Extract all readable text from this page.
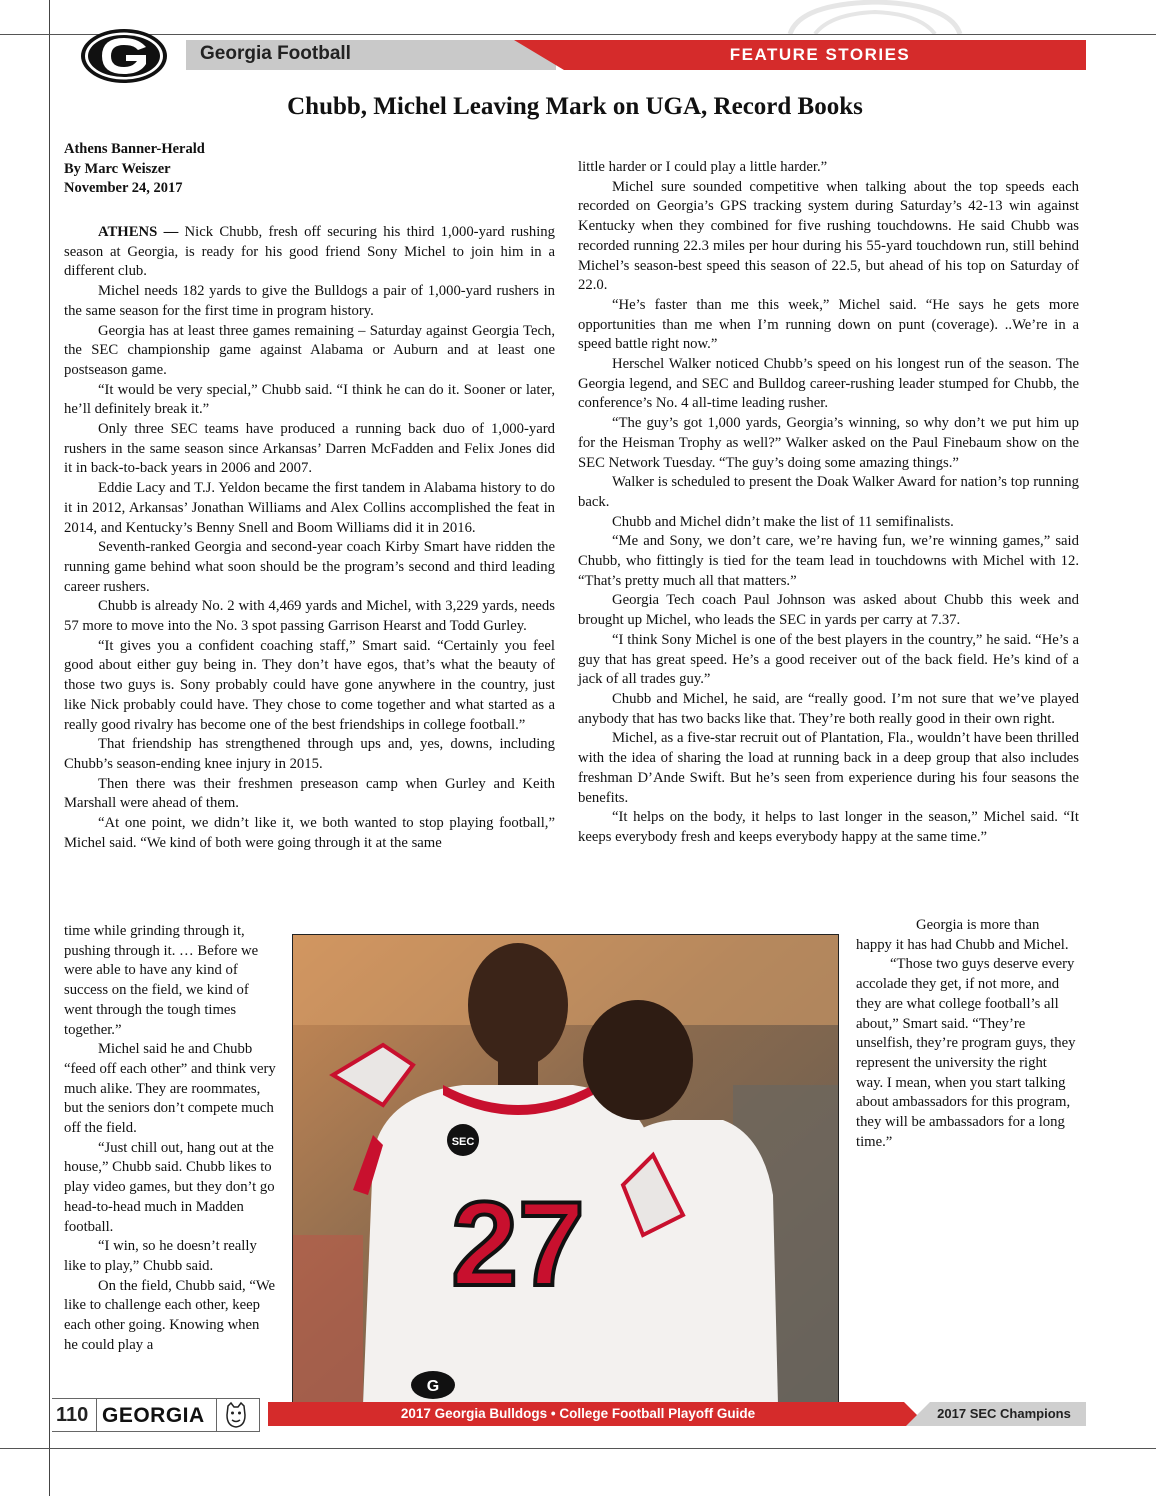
Georgia Football	FEATURE STORIES
Chubb, Michel Leaving Mark on UGA, Record Books
Athens Banner-Herald
By Marc Weiszer
November 24, 2017

ATHENS — Nick Chubb, fresh off securing his third 1,000-yard rushing season at Georgia, is ready for his good friend Sony Michel to join him in a different club.

Michel needs 182 yards to give the Bulldogs a pair of 1,000-yard rushers in the same season for the first time in program history.

Georgia has at least three games remaining – Saturday against Georgia Tech, the SEC championship game against Alabama or Auburn and at least one postseason game.

“It would be very special,” Chubb said. “I think he can do it. Sooner or later, he’ll definitely break it.”

Only three SEC teams have produced a running back duo of 1,000-yard rushers in the same season since Arkansas’ Darren McFadden and Felix Jones did it in back-to-back years in 2006 and 2007.

Eddie Lacy and T.J. Yeldon became the first tandem in Alabama history to do it in 2012, Arkansas’ Jonathan Williams and Alex Collins accomplished the feat in 2014, and Kentucky’s Benny Snell and Boom Williams did it in 2016.

Seventh-ranked Georgia and second-year coach Kirby Smart have ridden the running game behind what soon should be the program’s second and third leading career rushers.

Chubb is already No. 2 with 4,469 yards and Michel, with 3,229 yards, needs 57 more to move into the No. 3 spot passing Garrison Hearst and Todd Gurley.

“It gives you a confident coaching staff,” Smart said. “Certainly you feel good about either guy being in. They don’t have egos, that’s what the beauty of those two guys is. Sony probably could have gone anywhere in the country, just like Nick probably could have. They chose to come together and what started as a really good rivalry has become one of the best friendships in college football.”

That friendship has strengthened through ups and, yes, downs, including Chubb’s season-ending knee injury in 2015.

Then there was their freshmen preseason camp when Gurley and Keith Marshall were ahead of them.

“At one point, we didn’t like it, we both wanted to stop playing football,” Michel said. “We kind of both were going through it at the same

time while grinding through it, pushing through it. … Before we were able to have any kind of success on the field, we kind of went through the tough times together.”

Michel said he and Chubb “feed off each other” and think very much alike. They are roommates, but the seniors don’t compete much off the field.

“Just chill out, hang out at the house,” Chubb said. Chubb likes to play video games, but they don’t go head-to-head much in Madden football.

“I win, so he doesn’t really like to play,” Chubb said.

On the field, Chubb said, “We like to challenge each other, keep each other going. Knowing when he could play a

little harder or I could play a little harder.”

Michel sure sounded competitive when talking about the top speeds each recorded on Georgia’s GPS tracking system during Saturday’s 42-13 win against Kentucky when they combined for five rushing touchdowns. He said Chubb was recorded running 22.3 miles per hour during his 55-yard touchdown run, still behind Michel’s season-best speed this season of 22.5, but ahead of his top on Saturday of 22.0.

“He’s faster than me this week,” Michel said. “He says he gets more opportunities than me when I’m running down on punt (coverage). ..We’re in a speed battle right now.”

Herschel Walker noticed Chubb’s speed on his longest run of the season. The Georgia legend, and SEC and Bulldog career-rushing leader stumped for Chubb, the conference’s No. 4 all-time leading rusher.

“The guy’s got 1,000 yards, Georgia’s winning, so why don’t we put him up for the Heisman Trophy as well?” Walker asked on the Paul Finebaum show on the SEC Network Tuesday. “The guy’s doing some amazing things.”

Walker is scheduled to present the Doak Walker Award for nation’s top running back.

Chubb and Michel didn’t make the list of 11 semifinalists.

“Me and Sony, we don’t care, we’re having fun, we’re winning games,” said Chubb, who fittingly is tied for the team lead in touchdowns with Michel with 12. “That’s pretty much all that matters.”

Georgia Tech coach Paul Johnson was asked about Chubb this week and brought up Michel, who leads the SEC in yards per carry at 7.37.

“I think Sony Michel is one of the best players in the country,” he said. “He’s a guy that has great speed. He’s a good receiver out of the back field. He’s kind of a jack of all trades guy.”

Chubb and Michel, he said, are “really good. I’m not sure that we’ve played anybody that has two backs like that. They’re both really good in their own right.

Michel, as a five-star recruit out of Plantation, Fla., wouldn’t have been thrilled with the idea of sharing the load at running back in a deep group that also includes freshman D’Ande Swift. But he’s seen from experience during his four seasons the benefits.

“It helps on the body, it helps to last longer in the season,” Michel said. “It keeps everybody fresh and keeps everybody happy at the same time.”

Georgia is more than happy it has had Chubb and Michel.

“Those two guys deserve every accolade they get, if not more, and they are what college football’s all about,” Smart said. “They’re unselfish, they’re program guys, they represent the university the right way. I mean, when you start talking about ambassadors for this program, they will be ambassadors for a long time.”

SEC
27
G
110 GEORGIA	2017 Georgia Bulldogs • College Football Playoff Guide	2017 SEC Champions
